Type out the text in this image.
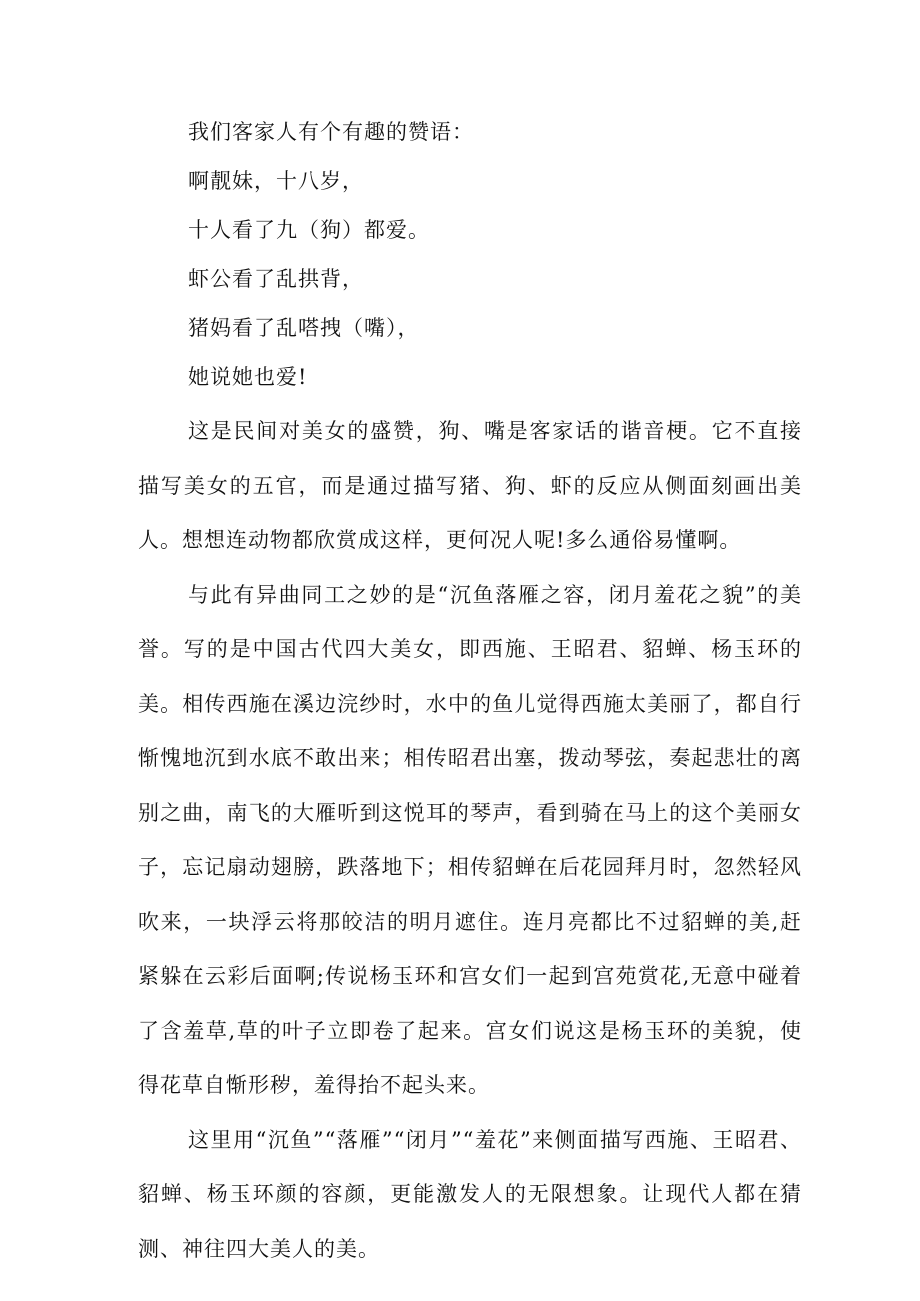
我们客家人有个有趣的赞语：
啊靓妹，十八岁，
十人看了九（狗）都爱。
虾公看了乱拱背，
猪妈看了乱嗒拽（嘴），
她说她也爱!

这是民间对美女的盛赞，狗、嘴是客家话的谐音梗。它不直接描写美女的五官，而是通过描写猪、狗、虾的反应从侧面刻画出美人。想想连动物都欣赏成这样，更何况人呢!多么通俗易懂啊。

与此有异曲同工之妙的是“沉鱼落雁之容，闭月羞花之貌”的美誉。写的是中国古代四大美女，即西施、王昭君、貂蝉、杨玉环的美。相传西施在溪边浣纱时，水中的鱼儿觉得西施太美丽了，都自行惭愧地沉到水底不敢出来；相传昭君出塞，拨动琴弦，奏起悲壮的离别之曲，南飞的大雁听到这悦耳的琴声，看到骑在马上的这个美丽女子，忘记扇动翅膀，跌落地下；相传貂蝉在后花园拜月时，忽然轻风吹来，一块浮云将那皎洁的明月遮住。连月亮都比不过貂蝉的美,赶紧躲在云彩后面啊;传说杨玉环和宫女们一起到宫苑赏花,无意中碰着了含羞草,草的叶子立即卷了起来。宫女们说这是杨玉环的美貌，使得花草自惭形秽，羞得抬不起头来。

这里用“沉鱼”“落雁”“闭月”“羞花”来侧面描写西施、王昭君、貂蝉、杨玉环颜的容颜，更能激发人的无限想象。让现代人都在猜测、神往四大美人的美。
